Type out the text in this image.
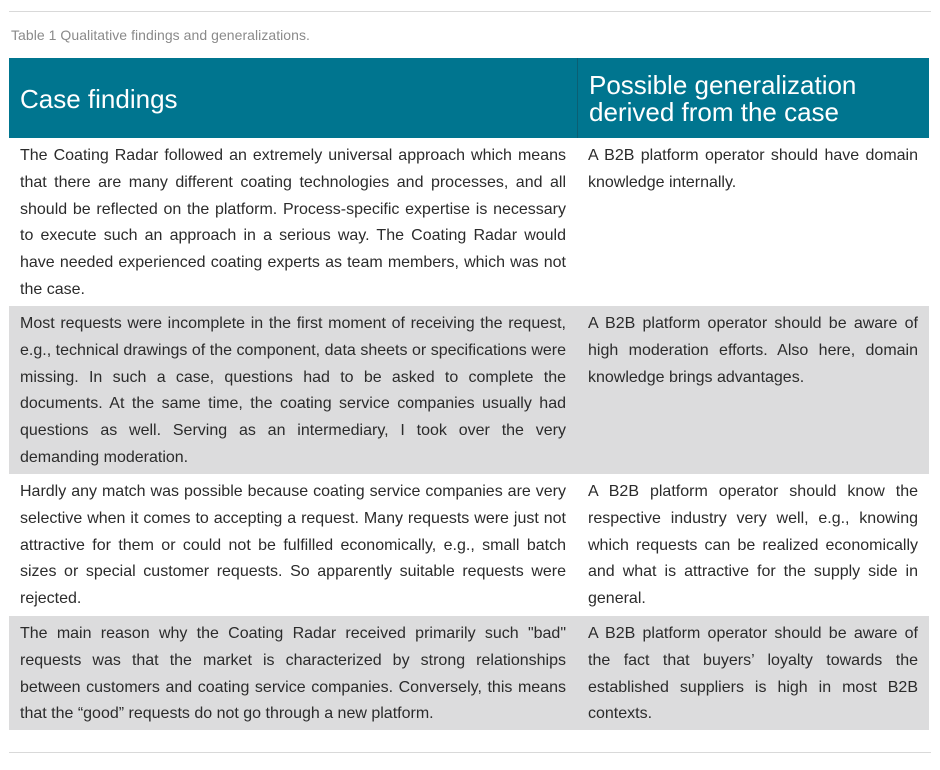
Table 1 Qualitative findings and generalizations.
Case findings	Possible generalization
derived from the case
The Coating Radar followed an extremely universal approach which means that there are many different coating technologies and processes, and all should be reflected on the platform. Process-specific expertise is necessary to execute such an approach in a serious way. The Coating Radar would have needed experienced coating experts as team members, which was not the case.
A B2B platform operator should have domain knowledge internally.
Most requests were incomplete in the first moment of receiving the request, e.g., technical drawings of the component, data sheets or specifications were missing. In such a case, questions had to be asked to complete the documents. At the same time, the coating service companies usually had questions as well. Serving as an intermediary, I took over the very demanding moderation.
A B2B platform operator should be aware of high moderation efforts. Also here, domain knowledge brings advantages.
Hardly any match was possible because coating service companies are very selective when it comes to accepting a request. Many requests were just not attractive for them or could not be fulfilled economically, e.g., small batch sizes or special customer requests. So apparently suitable requests were rejected.
A B2B platform operator should know the respective industry very well, e.g., knowing which requests can be realized economically and what is attractive for the supply side in general.
The main reason why the Coating Radar received primarily such "bad" requests was that the market is characterized by strong relationships between customers and coating service companies. Conversely, this means that the “good” requests do not go through a new platform.
A B2B platform operator should be aware of the fact that buyers’ loyalty towards the established suppliers is high in most B2B contexts.
